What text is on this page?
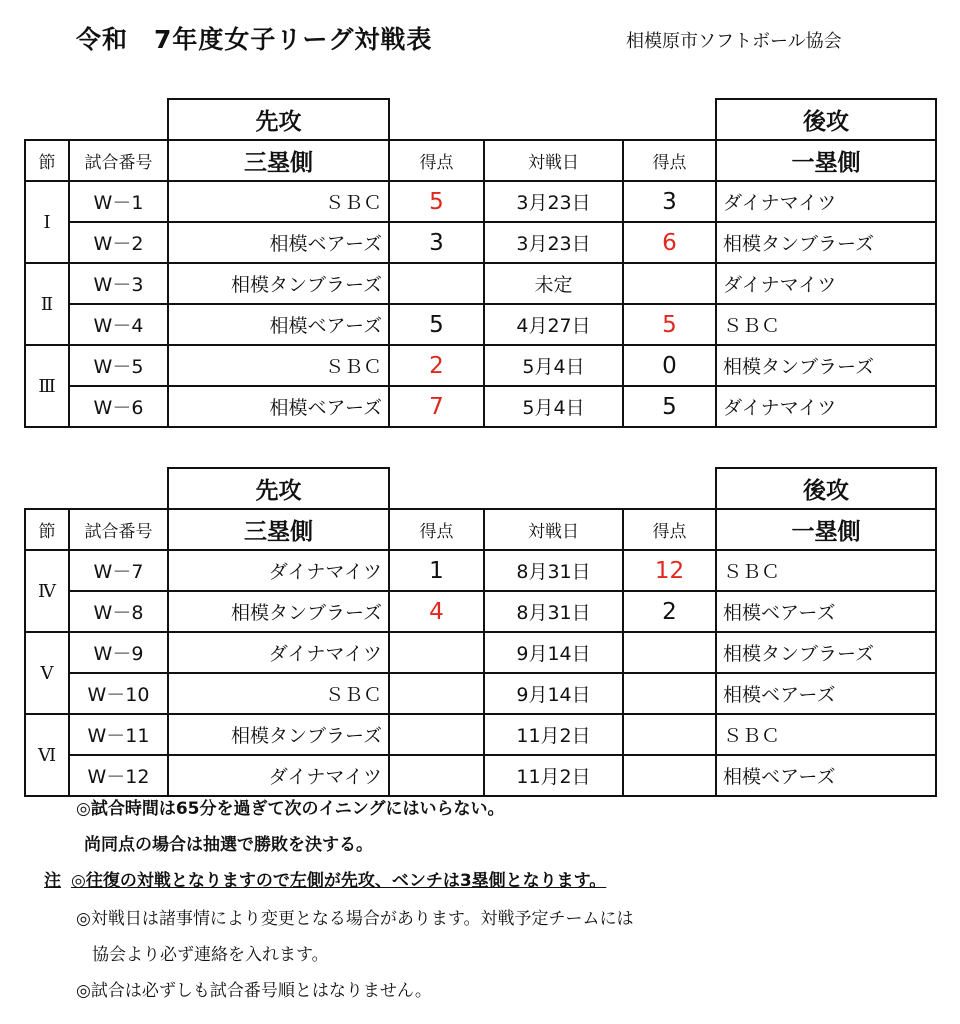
令和　7年度女子リーグ対戦表	相模原市ソフトボール協会
		先攻				後攻
節	試合番号	三塁側	得点	対戦日	得点	一塁側
Ⅰ	W－1	ＳＢＣ	5	3月23日	3	ダイナマイツ
	W－2	相模ベアーズ	3	3月23日	6	相模タンブラーズ
Ⅱ	W－3	相模タンブラーズ		未定		ダイナマイツ
	W－4	相模ベアーズ	5	4月27日	5	ＳＢＣ
Ⅲ	W－5	ＳＢＣ	2	5月4日	0	相模タンブラーズ
	W－6	相模ベアーズ	7	5月4日	5	ダイナマイツ
		先攻				後攻
節	試合番号	三塁側	得点	対戦日	得点	一塁側
Ⅳ	W－7	ダイナマイツ	1	8月31日	12	ＳＢＣ
	W－8	相模タンブラーズ	4	8月31日	2	相模ベアーズ
Ⅴ	W－9	ダイナマイツ		9月14日		相模タンブラーズ
	W－10	ＳＢＣ		9月14日		相模ベアーズ
Ⅵ	W－11	相模タンブラーズ		11月2日		ＳＢＣ
	W－12	ダイナマイツ		11月2日		相模ベアーズ
◎試合時間は65分を過ぎて次のイニングにはいらない。
尚同点の場合は抽選で勝敗を決する。
注 ◎往復の対戦となりますので左側が先攻、ベンチは3塁側となります。
◎対戦日は諸事情により変更となる場合があります。対戦予定チームには
協会より必ず連絡を入れます。
◎試合は必ずしも試合番号順とはなりません。
